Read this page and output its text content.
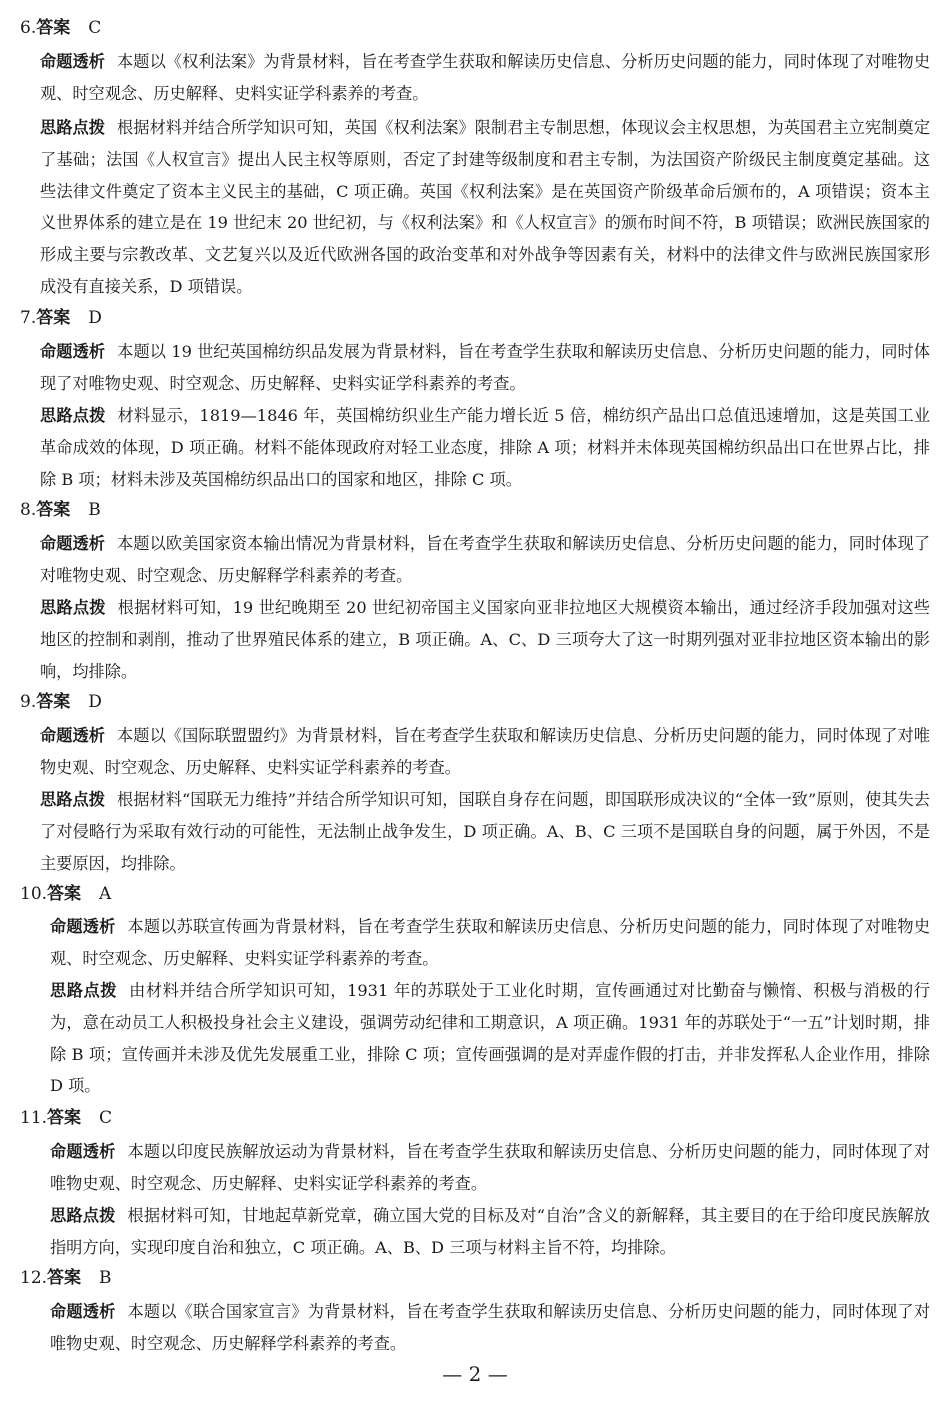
6.答案 C
命题透析 本题以《权利法案》为背景材料，旨在考查学生获取和解读历史信息、分析历史问题的能力，同时体现了对唯物史观、时空观念、历史解释、史料实证学科素养的考查。
思路点拨 根据材料并结合所学知识可知，英国《权利法案》限制君主专制思想，体现议会主权思想，为英国君主立宪制奠定了基础；法国《人权宣言》提出人民主权等原则，否定了封建等级制度和君主专制，为法国资产阶级民主制度奠定基础。这些法律文件奠定了资本主义民主的基础，C 项正确。英国《权利法案》是在英国资产阶级革命后颁布的，A 项错误；资本主义世界体系的建立是在 19 世纪末 20 世纪初，与《权利法案》和《人权宣言》的颁布时间不符，B 项错误；欧洲民族国家的形成主要与宗教改革、文艺复兴以及近代欧洲各国的政治变革和对外战争等因素有关，材料中的法律文件与欧洲民族国家形成没有直接关系，D 项错误。
7.答案 D
命题透析 本题以 19 世纪英国棉纺织品发展为背景材料，旨在考查学生获取和解读历史信息、分析历史问题的能力，同时体现了对唯物史观、时空观念、历史解释、史料实证学科素养的考查。
思路点拨 材料显示，1819—1846 年，英国棉纺织业生产能力增长近 5 倍，棉纺织产品出口总值迅速增加，这是英国工业革命成效的体现，D 项正确。材料不能体现政府对轻工业态度，排除 A 项；材料并未体现英国棉纺织品出口在世界占比，排除 B 项；材料未涉及英国棉纺织品出口的国家和地区，排除 C 项。
8.答案 B
命题透析 本题以欧美国家资本输出情况为背景材料，旨在考查学生获取和解读历史信息、分析历史问题的能力，同时体现了对唯物史观、时空观念、历史解释学科素养的考查。
思路点拨 根据材料可知，19 世纪晚期至 20 世纪初帝国主义国家向亚非拉地区大规模资本输出，通过经济手段加强对这些地区的控制和剥削，推动了世界殖民体系的建立，B 项正确。A、C、D 三项夸大了这一时期列强对亚非拉地区资本输出的影响，均排除。
9.答案 D
命题透析 本题以《国际联盟盟约》为背景材料，旨在考查学生获取和解读历史信息、分析历史问题的能力，同时体现了对唯物史观、时空观念、历史解释、史料实证学科素养的考查。
思路点拨 根据材料“国联无力维持”并结合所学知识可知，国联自身存在问题，即国联形成决议的“全体一致”原则，使其失去了对侵略行为采取有效行动的可能性，无法制止战争发生，D 项正确。A、B、C 三项不是国联自身的问题，属于外因，不是主要原因，均排除。
10.答案 A
命题透析 本题以苏联宣传画为背景材料，旨在考查学生获取和解读历史信息、分析历史问题的能力，同时体现了对唯物史观、时空观念、历史解释、史料实证学科素养的考查。
思路点拨 由材料并结合所学知识可知，1931 年的苏联处于工业化时期，宣传画通过对比勤奋与懒惰、积极与消极的行为，意在动员工人积极投身社会主义建设，强调劳动纪律和工期意识，A 项正确。1931 年的苏联处于“一五”计划时期，排除 B 项；宣传画并未涉及优先发展重工业，排除 C 项；宣传画强调的是对弄虚作假的打击，并非发挥私人企业作用，排除 D 项。
11.答案 C
命题透析 本题以印度民族解放运动为背景材料，旨在考查学生获取和解读历史信息、分析历史问题的能力，同时体现了对唯物史观、时空观念、历史解释、史料实证学科素养的考查。
思路点拨 根据材料可知，甘地起草新党章，确立国大党的目标及对“自治”含义的新解释，其主要目的在于给印度民族解放指明方向，实现印度自治和独立，C 项正确。A、B、D 三项与材料主旨不符，均排除。
12.答案 B
命题透析 本题以《联合国家宣言》为背景材料，旨在考查学生获取和解读历史信息、分析历史问题的能力，同时体现了对唯物史观、时空观念、历史解释学科素养的考查。
— 2 —
